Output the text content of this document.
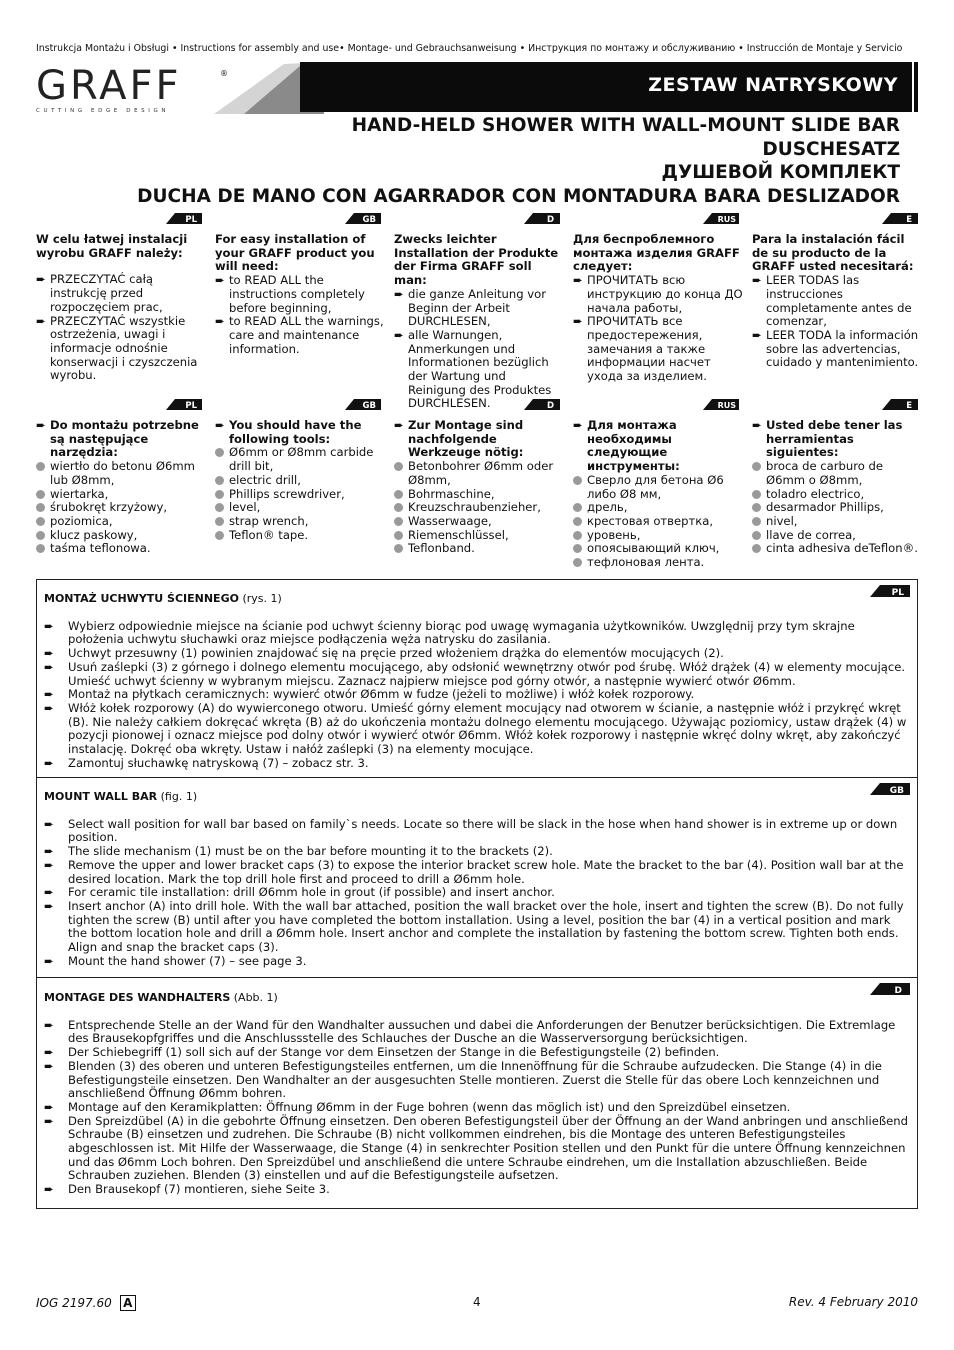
Instrukcja Montażu i Obsługi • Instructions for assembly and use• Montage- und Gebrauchsanweisung • Инструкция по монтажу и обслуживанию • Instrucción de Montaje y Servicio
GRAFF	®
CUTTING EDGE DESIGN
ZESTAW NATRYSKOWY
HAND-HELD SHOWER WITH WALL-MOUNT SLIDE BAR
DUSCHESATZ
ДУШЕВОЙ КОМПЛЕКТ
DUCHA DE MANO CON AGARRADOR CON MONTADURA BARA DESLIZADOR
PL	GB	D	RUS	E
W celu łatwej instalacji wyrobu GRAFF należy:
➨ PRZECZYTAĆ całą instrukcję przed rozpoczęciem prac,
➨ PRZECZYTAĆ wszystkie ostrzeżenia, uwagi i informacje odnośnie konserwacji i czyszczenia wyrobu.
For easy installation of your GRAFF product you will need:
➨ to READ ALL the instructions completely before beginning,
➨ to READ ALL the warnings, care and maintenance information.
Zwecks leichter Installation der Produkte der Firma GRAFF soll man:
➨ die ganze Anleitung vor Beginn der Arbeit DURCHLESEN,
➨ alle Warnungen, Anmerkungen und Informationen bezüglich der Wartung und Reinigung des Produktes DURCHLESEN.
Для беспроблемного монтажа изделия GRAFF следует:
➨ ПРОЧИТАТЬ всю инструкцию до конца ДО начала работы,
➨ ПРОЧИТАТЬ все предостережения, замечания а также информации насчет ухода за изделием.
Para la instalación fácil de su producto de la GRAFF usted necesitará:
➨ LEER TODAS las instrucciones completamente antes de comenzar,
➨ LEER TODA la información sobre las advertencias, cuidado y mantenimiento.
PL	GB	D	RUS	E
➨ Do montażu potrzebne są następujące narzędzia:
wiertło do betonu Ø6mm lub Ø8mm,
wiertarka,
śrubokręt krzyżowy,
poziomica,
klucz paskowy,
taśma teflonowa.
➨ You should have the following tools:
Ø6mm or Ø8mm carbide drill bit,
electric drill,
Phillips screwdriver,
level,
strap wrench,
Teflon® tape.
➨ Zur Montage sind nachfolgende Werkzeuge nötig:
Betonbohrer Ø6mm oder Ø8mm,
Bohrmaschine,
Kreuzschraubenzieher,
Wasserwaage,
Riemenschlüssel,
Teflonband.
➨ Для монтажа необходимы следующие инструменты:
Сверло для бетона Ø6 либо Ø8 мм,
дрель,
крестовая отвертка,
уровень,
опоясывающий ключ,
тефлоновая лента.
➨ Usted debe tener las herramientas siguientes:
broca de carburo de Ø6mm o Ø8mm,
toladro electrico,
desarmador Phillips,
nivel,
llave de correa,
cinta adhesiva deTeflon®.
PL
GB
D
MONTAŻ UCHWYTU ŚCIENNEGO (rys. 1)
➨ Wybierz odpowiednie miejsce na ścianie pod uchwyt ścienny biorąc pod uwagę wymagania użytkowników. Uwzględnij przy tym skrajne położenia uchwytu słuchawki oraz miejsce podłączenia węża natrysku do zasilania.
➨ Uchwyt przesuwny (1) powinien znajdować się na pręcie przed włożeniem drążka do elementów mocujących (2).
➨ Usuń zaślepki (3) z górnego i dolnego elementu mocującego, aby odsłonić wewnętrzny otwór pod śrubę. Włóż drążek (4) w elementy mocujące. Umieść uchwyt ścienny w wybranym miejscu. Zaznacz najpierw miejsce pod górny otwór, a następnie wywierć otwór Ø6mm.
➨ Montaż na płytkach ceramicznych: wywierć otwór Ø6mm w fudze (jeżeli to możliwe) i włóż kołek rozporowy.
➨ Włóż kołek rozporowy (A) do wywierconego otworu. Umieść górny element mocujący nad otworem w ścianie, a następnie włóż i przykręć wkręt (B). Nie należy całkiem dokręcać wkręta (B) aż do ukończenia montażu dolnego elementu mocującego. Używając poziomicy, ustaw drążek (4) w pozycji pionowej i oznacz miejsce pod dolny otwór i wywierć otwór Ø6mm. Włóż kołek rozporowy i następnie wkręć dolny wkręt, aby zakończyć instalację. Dokręć oba wkręty. Ustaw i nałóż zaślepki (3) na elementy mocujące.
➨ Zamontuj słuchawkę natryskową (7) – zobacz str. 3.
MOUNT WALL BAR (fig. 1)
➨ Select wall position for wall bar based on family`s needs. Locate so there will be slack in the hose when hand shower is in extreme up or down position.
➨ The slide mechanism (1) must be on the bar before mounting it to the brackets (2).
➨ Remove the upper and lower bracket caps (3) to expose the interior bracket screw hole. Mate the bracket to the bar (4). Position wall bar at the desired location. Mark the top drill hole first and proceed to drill a Ø6mm hole.
➨ For ceramic tile installation: drill Ø6mm hole in grout (if possible) and insert anchor.
➨ Insert anchor (A) into drill hole. With the wall bar attached, position the wall bracket over the hole, insert and tighten the screw (B). Do not fully tighten the screw (B) until after you have completed the bottom installation. Using a level, position the bar (4) in a vertical position and mark the bottom location hole and drill a Ø6mm hole. Insert anchor and complete the installation by fastening the bottom screw. Tighten both ends. Align and snap the bracket caps (3).
➨ Mount the hand shower (7) – see page 3.
MONTAGE DES WANDHALTERS (Abb. 1)
➨ Entsprechende Stelle an der Wand für den Wandhalter aussuchen und dabei die Anforderungen der Benutzer berücksichtigen. Die Extremlage des Brausekopfgriffes und die Anschlussstelle des Schlauches der Dusche an die Wasserversorgung berücksichtigen.
➨ Der Schiebegriff (1) soll sich auf der Stange vor dem Einsetzen der Stange in die Befestigungsteile (2) befinden.
➨ Blenden (3) des oberen und unteren Befestigungsteiles entfernen, um die Innenöffnung für die Schraube aufzudecken. Die Stange (4) in die Befestigungsteile einsetzen. Den Wandhalter an der ausgesuchten Stelle montieren. Zuerst die Stelle für das obere Loch kennzeichnen und anschließend Öffnung Ø6mm bohren.
➨ Montage auf den Keramikplatten: Öffnung Ø6mm in der Fuge bohren (wenn das möglich ist) und den Spreizdübel einsetzen.
➨ Den Spreizdübel (A) in die gebohrte Öffnung einsetzen. Den oberen Befestigungsteil über der Öffnung an der Wand anbringen und anschließend Schraube (B) einsetzen und zudrehen. Die Schraube (B) nicht vollkommen eindrehen, bis die Montage des unteren Befestigungsteiles abgeschlossen ist. Mit Hilfe der Wasserwaage, die Stange (4) in senkrechter Position stellen und den Punkt für die untere Öffnung kennzeichnen und das Ø6mm Loch bohren. Den Spreizdübel und anschließend die untere Schraube eindrehen, um die Installation abzuschließen. Beide Schrauben zuziehen. Blenden (3) einstellen und auf die Befestigungsteile aufsetzen.
➨ Den Brausekopf (7) montieren, siehe Seite 3.
IOG 2197.60 A	4	Rev. 4 February 2010
